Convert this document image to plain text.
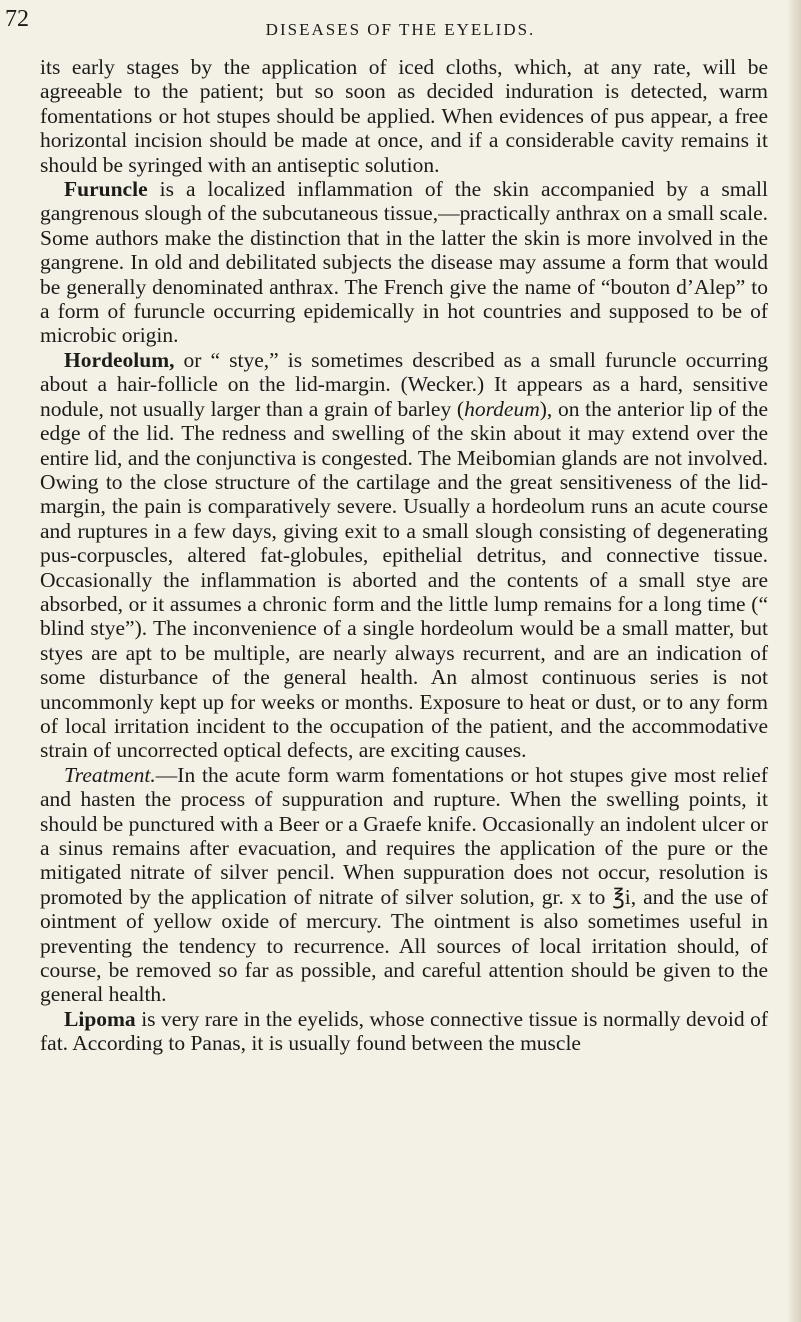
72	DISEASES OF THE EYELIDS.

its early stages by the application of iced cloths, which, at any rate, will be agreeable to the patient; but so soon as decided induration is detected, warm fomentations or hot stupes should be applied. When evidences of pus appear, a free horizontal incision should be made at once, and if a considerable cavity remains it should be syringed with an antiseptic solution.

Furuncle is a localized inflammation of the skin accompanied by a small gangrenous slough of the subcutaneous tissue,—practically anthrax on a small scale. Some authors make the distinction that in the latter the skin is more involved in the gangrene. In old and debilitated subjects the disease may assume a form that would be generally denominated anthrax. The French give the name of “bouton d’Alep” to a form of furuncle occurring epidemically in hot countries and supposed to be of microbic origin.

Hordeolum, or “ stye,” is sometimes described as a small furuncle occurring about a hair-follicle on the lid-margin. (Wecker.) It appears as a hard, sensitive nodule, not usually larger than a grain of barley (hordeum), on the anterior lip of the edge of the lid. The redness and swelling of the skin about it may extend over the entire lid, and the conjunctiva is congested. The Meibomian glands are not involved. Owing to the close structure of the cartilage and the great sensitiveness of the lid-margin, the pain is comparatively severe. Usually a hordeolum runs an acute course and ruptures in a few days, giving exit to a small slough consisting of degenerating pus-corpuscles, altered fat-globules, epithelial detritus, and connective tissue. Occasionally the inflammation is aborted and the contents of a small stye are absorbed, or it assumes a chronic form and the little lump remains for a long time (“ blind stye”). The inconvenience of a single hordeolum would be a small matter, but styes are apt to be multiple, are nearly always recurrent, and are an indication of some disturbance of the general health. An almost continuous series is not uncommonly kept up for weeks or months. Exposure to heat or dust, or to any form of local irritation incident to the occupation of the patient, and the accommodative strain of uncorrected optical defects, are exciting causes.

Treatment.—In the acute form warm fomentations or hot stupes give most relief and hasten the process of suppuration and rupture. When the swelling points, it should be punctured with a Beer or a Graefe knife. Occasionally an indolent ulcer or a sinus remains after evacuation, and requires the application of the pure or the mitigated nitrate of silver pencil. When suppuration does not occur, resolution is promoted by the application of nitrate of silver solution, gr. x to ℥i, and the use of ointment of yellow oxide of mercury. The ointment is also sometimes useful in preventing the tendency to recurrence. All sources of local irritation should, of course, be removed so far as possible, and careful attention should be given to the general health.

Lipoma is very rare in the eyelids, whose connective tissue is normally devoid of fat. According to Panas, it is usually found between the muscle
